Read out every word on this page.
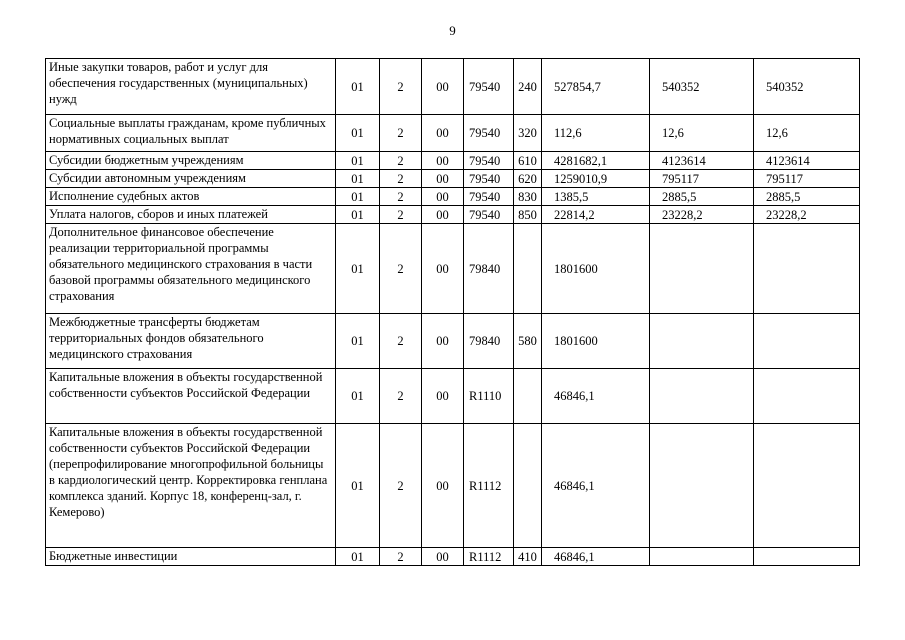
9
Иные закупки товаров, работ и услуг для обеспечения государственных (муниципальных) нужд	01	2	00	79540	240	527854,7	540352	540352
Социальные выплаты гражданам, кроме публичных нормативных социальных выплат	01	2	00	79540	320	112,6	12,6	12,6
Субсидии бюджетным учреждениям	01	2	00	79540	610	4281682,1	4123614	4123614
Субсидии автономным учреждениям	01	2	00	79540	620	1259010,9	795117	795117
Исполнение судебных актов	01	2	00	79540	830	1385,5	2885,5	2885,5
Уплата налогов, сборов и иных платежей	01	2	00	79540	850	22814,2	23228,2	23228,2
Дополнительное финансовое обеспечение реализации территориальной программы обязательного медицинского страхования в части базовой программы обязательного медицинского страхования	01	2	00	79840		1801600		
Межбюджетные трансферты бюджетам территориальных фондов обязательного медицинского страхования	01	2	00	79840	580	1801600		
Капитальные вложения в объекты государственной собственности субъектов Российской Федерации	01	2	00	R1110		46846,1		
Капитальные вложения в объекты государственной собственности субъектов Российской Федерации (перепрофилирование многопрофильной больницы в кардиологический центр. Корректировка генплана комплекса зданий. Корпус 18, конференц-зал, г. Кемерово)	01	2	00	R1112		46846,1		
Бюджетные инвестиции	01	2	00	R1112	410	46846,1		
